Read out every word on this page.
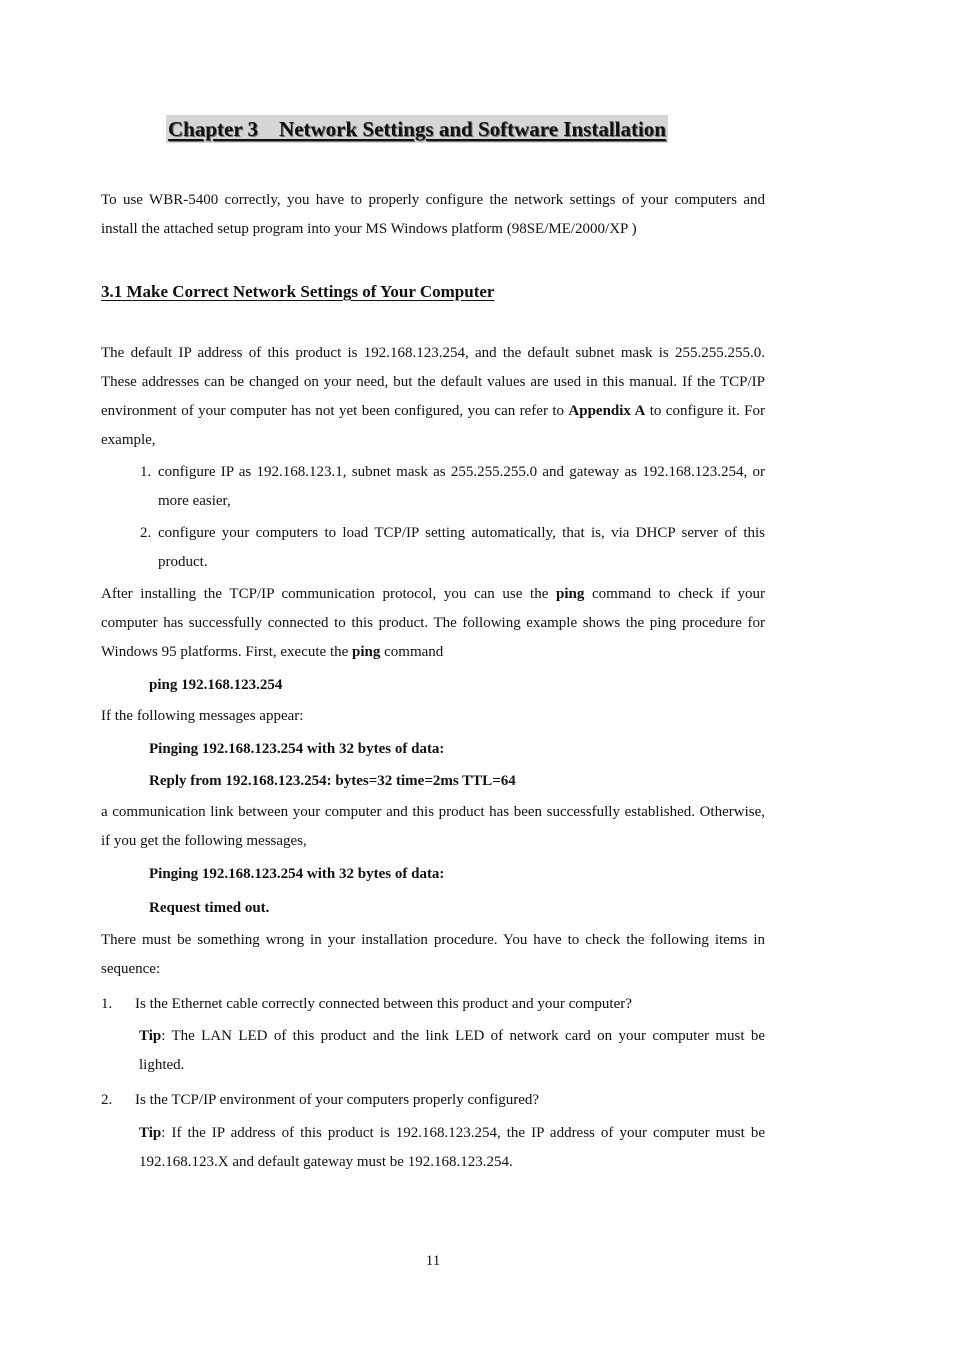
Chapter 3    Network Settings and Software Installation
To use WBR-5400 correctly, you have to properly configure the network settings of your computers and install the attached setup program into your MS Windows platform (98SE/ME/2000/XP )
3.1 Make Correct Network Settings of Your Computer
The default IP address of this product is 192.168.123.254, and the default subnet mask is 255.255.255.0. These addresses can be changed on your need, but the default values are used in this manual. If the TCP/IP environment of your computer has not yet been configured, you can refer to Appendix A to configure it. For example,
1. configure IP as 192.168.123.1, subnet mask as 255.255.255.0 and gateway as 192.168.123.254, or more easier,
2. configure your computers to load TCP/IP setting automatically, that is, via DHCP server of this product.
After installing the TCP/IP communication protocol, you can use the ping command to check if your computer has successfully connected to this product. The following example shows the ping procedure for Windows 95 platforms. First, execute the ping command
ping 192.168.123.254
If the following messages appear:
Pinging 192.168.123.254 with 32 bytes of data:
Reply from 192.168.123.254: bytes=32 time=2ms TTL=64
a communication link between your computer and this product has been successfully established. Otherwise, if you get the following messages,
Pinging 192.168.123.254 with 32 bytes of data:
Request timed out.
There must be something wrong in your installation procedure. You have to check the following items in sequence:
1. Is the Ethernet cable correctly connected between this product and your computer?
Tip: The LAN LED of this product and the link LED of network card on your computer must be lighted.
2. Is the TCP/IP environment of your computers properly configured?
Tip: If the IP address of this product is 192.168.123.254, the IP address of your computer must be 192.168.123.X and default gateway must be 192.168.123.254.
11
